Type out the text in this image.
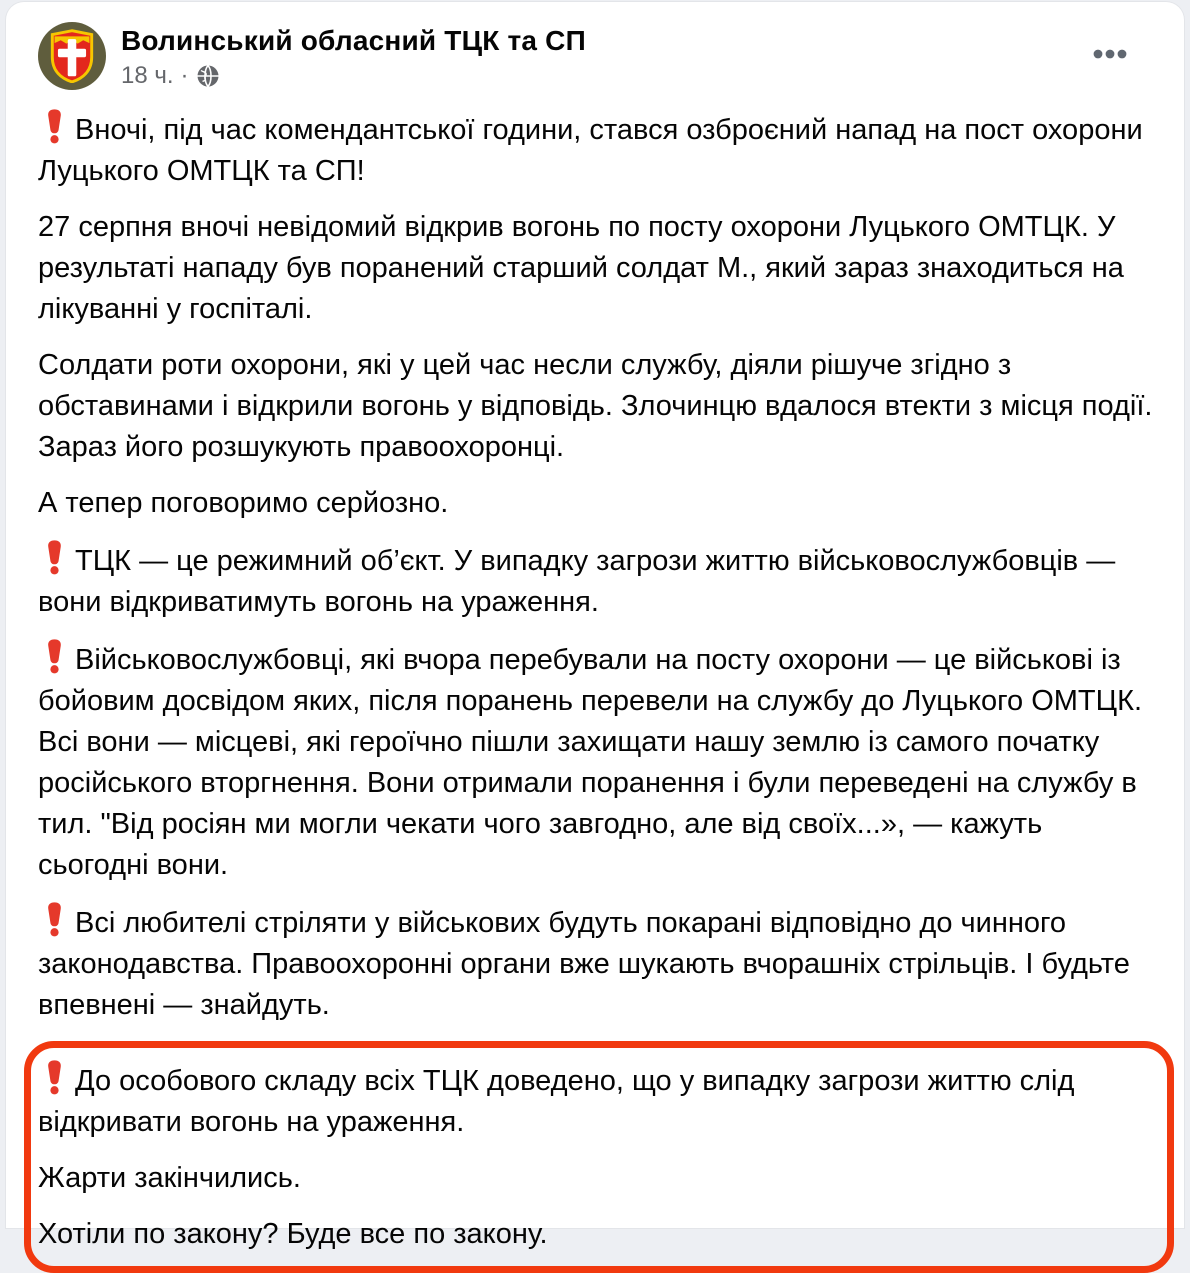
Волинський обласний ТЦК та СП
18 ч. ·

Вночі, під час комендантської години, стався озброєний напад на пост охорони Луцького ОМТЦК та СП!

27 серпня вночі невідомий відкрив вогонь по посту охорони Луцького ОМТЦК. У результаті нападу був поранений старший солдат М., який зараз знаходиться на лікуванні у госпіталі.

Солдати роти охорони, які у цей час несли службу, діяли рішуче згідно з обставинами і відкрили вогонь у відповідь. Злочинцю вдалося втекти з місця події. Зараз його розшукують правоохоронці.

А тепер поговоримо серйозно.

ТЦК — це режимний об’єкт. У випадку загрози життю військовослужбовців — вони відкриватимуть вогонь на ураження.

Військовослужбовці, які вчора перебували на посту охорони — це військові із бойовим досвідом яких, після поранень перевели на службу до Луцького ОМТЦК. Всі вони — місцеві, які героїчно пішли захищати нашу землю із самого початку російського вторгнення. Вони отримали поранення і були переведені на службу в тил. "Від росіян ми могли чекати чого завгодно, але від своїх...», — кажуть сьогодні вони.

Всі любителі стріляти у військових будуть покарані відповідно до чинного законодавства. Правоохоронні органи вже шукають вчорашніх стрільців. І будьте впевнені — знайдуть.

До особового складу всіх ТЦК доведено, що у випадку загрози життю слід відкривати вогонь на ураження.

Жарти закінчились.

Хотіли по закону? Буде все по закону.
